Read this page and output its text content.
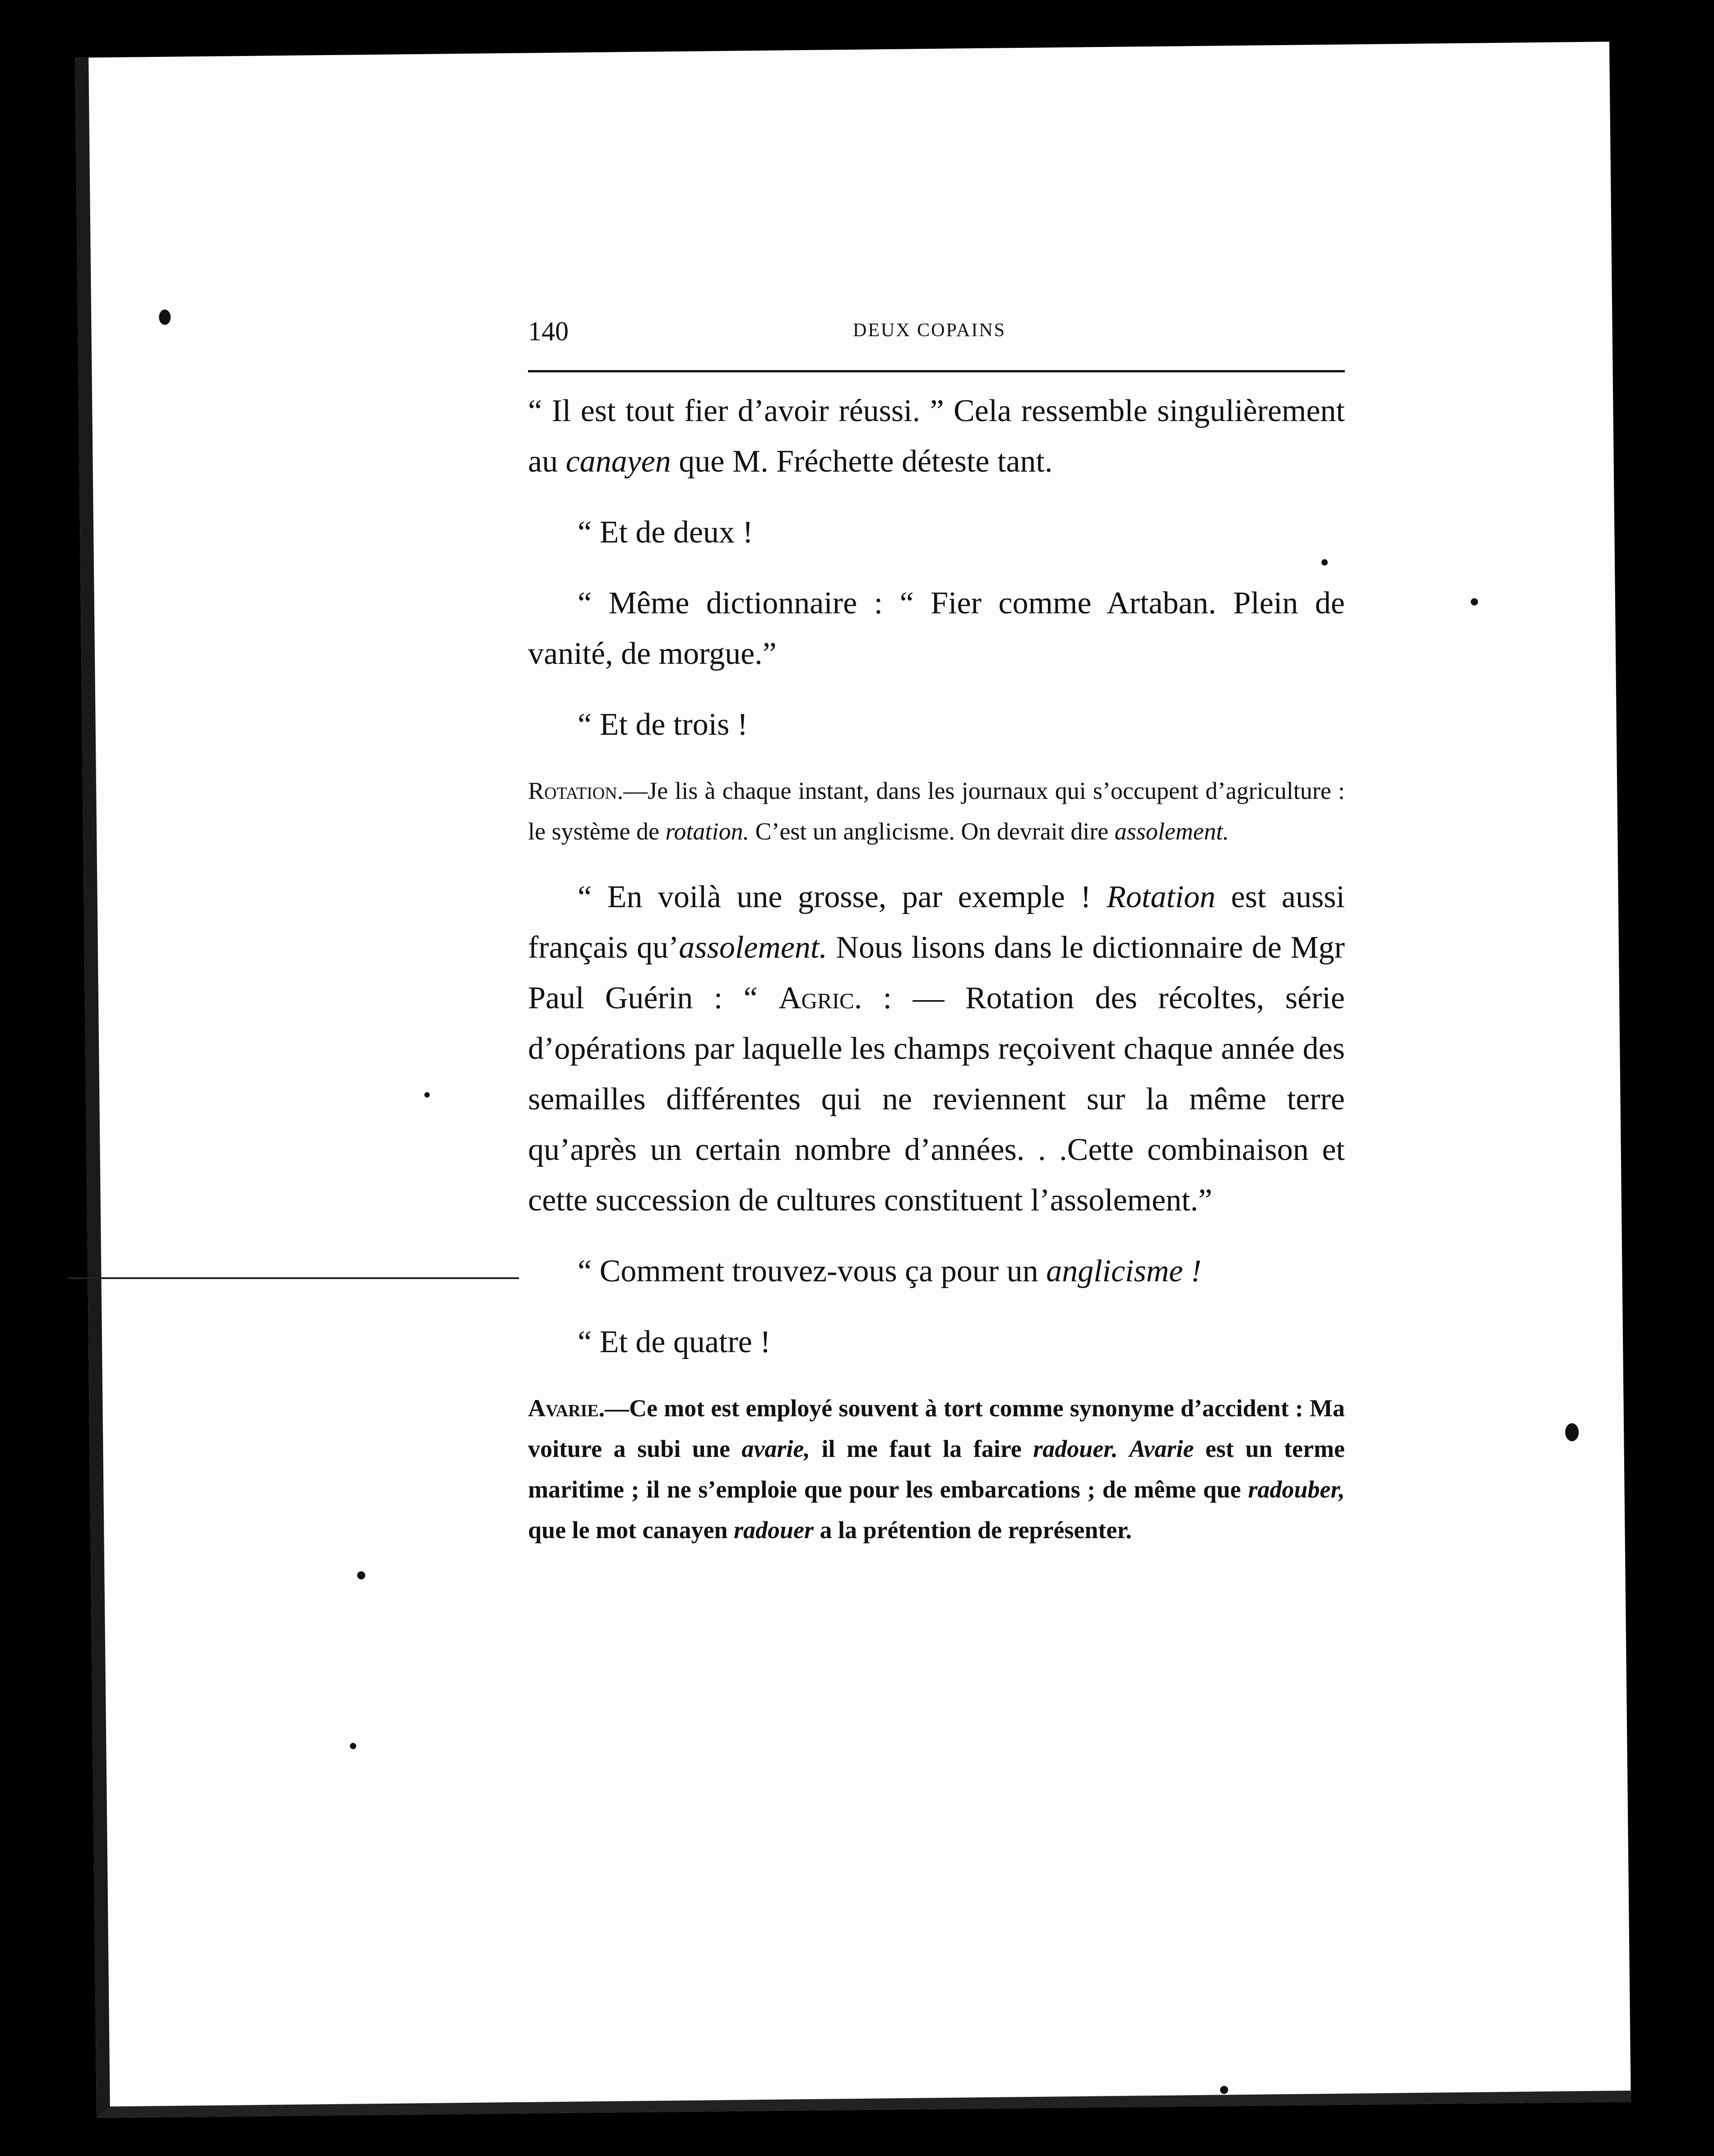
140	DEUX COPAINS

“ Il est tout fier d’avoir réussi. ” Cela ressemble singulièrement au canayen que M. Fréchette déteste tant.

“ Et de deux !

“ Même dictionnaire : “ Fier comme Artaban. Plein de vanité, de morgue.”

“ Et de trois !

Rotation.—Je lis à chaque instant, dans les journaux qui s’occupent d’agriculture : le système de rotation. C’est un anglicisme. On devrait dire assolement.

“ En voilà une grosse, par exemple ! Rotation est aussi français qu’assolement. Nous lisons dans le dictionnaire de Mgr Paul Guérin : “ Agric. : — Rotation des récoltes, série d’opérations par laquelle les champs reçoivent chaque année des semailles différentes qui ne reviennent sur la même terre qu’après un certain nombre d’années. . .Cette combinaison et cette succession de cultures constituent l’assolement.”

“ Comment trouvez-vous ça pour un anglicisme !

“ Et de quatre !

Avarie.—Ce mot est employé souvent à tort comme synonyme d’accident : Ma voiture a subi une avarie, il me faut la faire radouer. Avarie est un terme maritime ; il ne s’emploie que pour les embarcations ; de même que radouber, que le mot canayen radouer a la prétention de représenter.
